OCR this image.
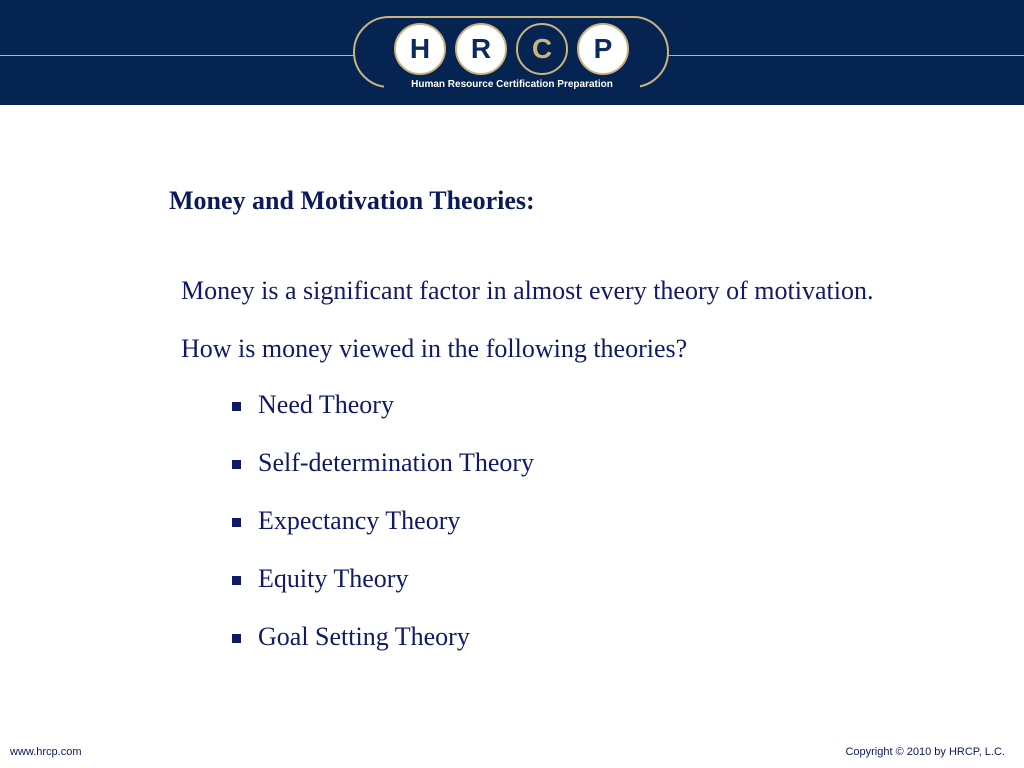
H	R	C	P
Human Resource Certification Preparation
Money and Motivation Theories:

Money is a significant factor in almost every theory of motivation.

How is money viewed in the following theories?

Need Theory
Self-determination Theory
Expectancy Theory
Equity Theory
Goal Setting Theory
www.hrcp.com	Copyright © 2010 by HRCP, L.C.
